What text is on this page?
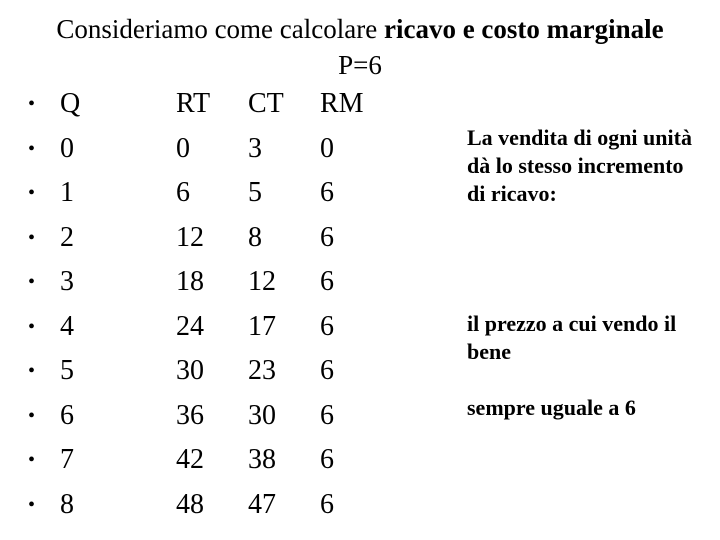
Consideriamo come calcolare ricavo e costo marginale
P=6
• Q	RT CT RM
• 0	0 3 0
• 1	6 5 6
• 2	12 8 6
• 3	18 12 6
• 4	24 17 6
• 5	30 23 6
• 6	36 30 6
• 7	42 38 6
• 8	48 47 6
La vendita di ogni unità dà lo stesso incremento di ricavo:
il prezzo a cui vendo il bene
sempre uguale a 6
